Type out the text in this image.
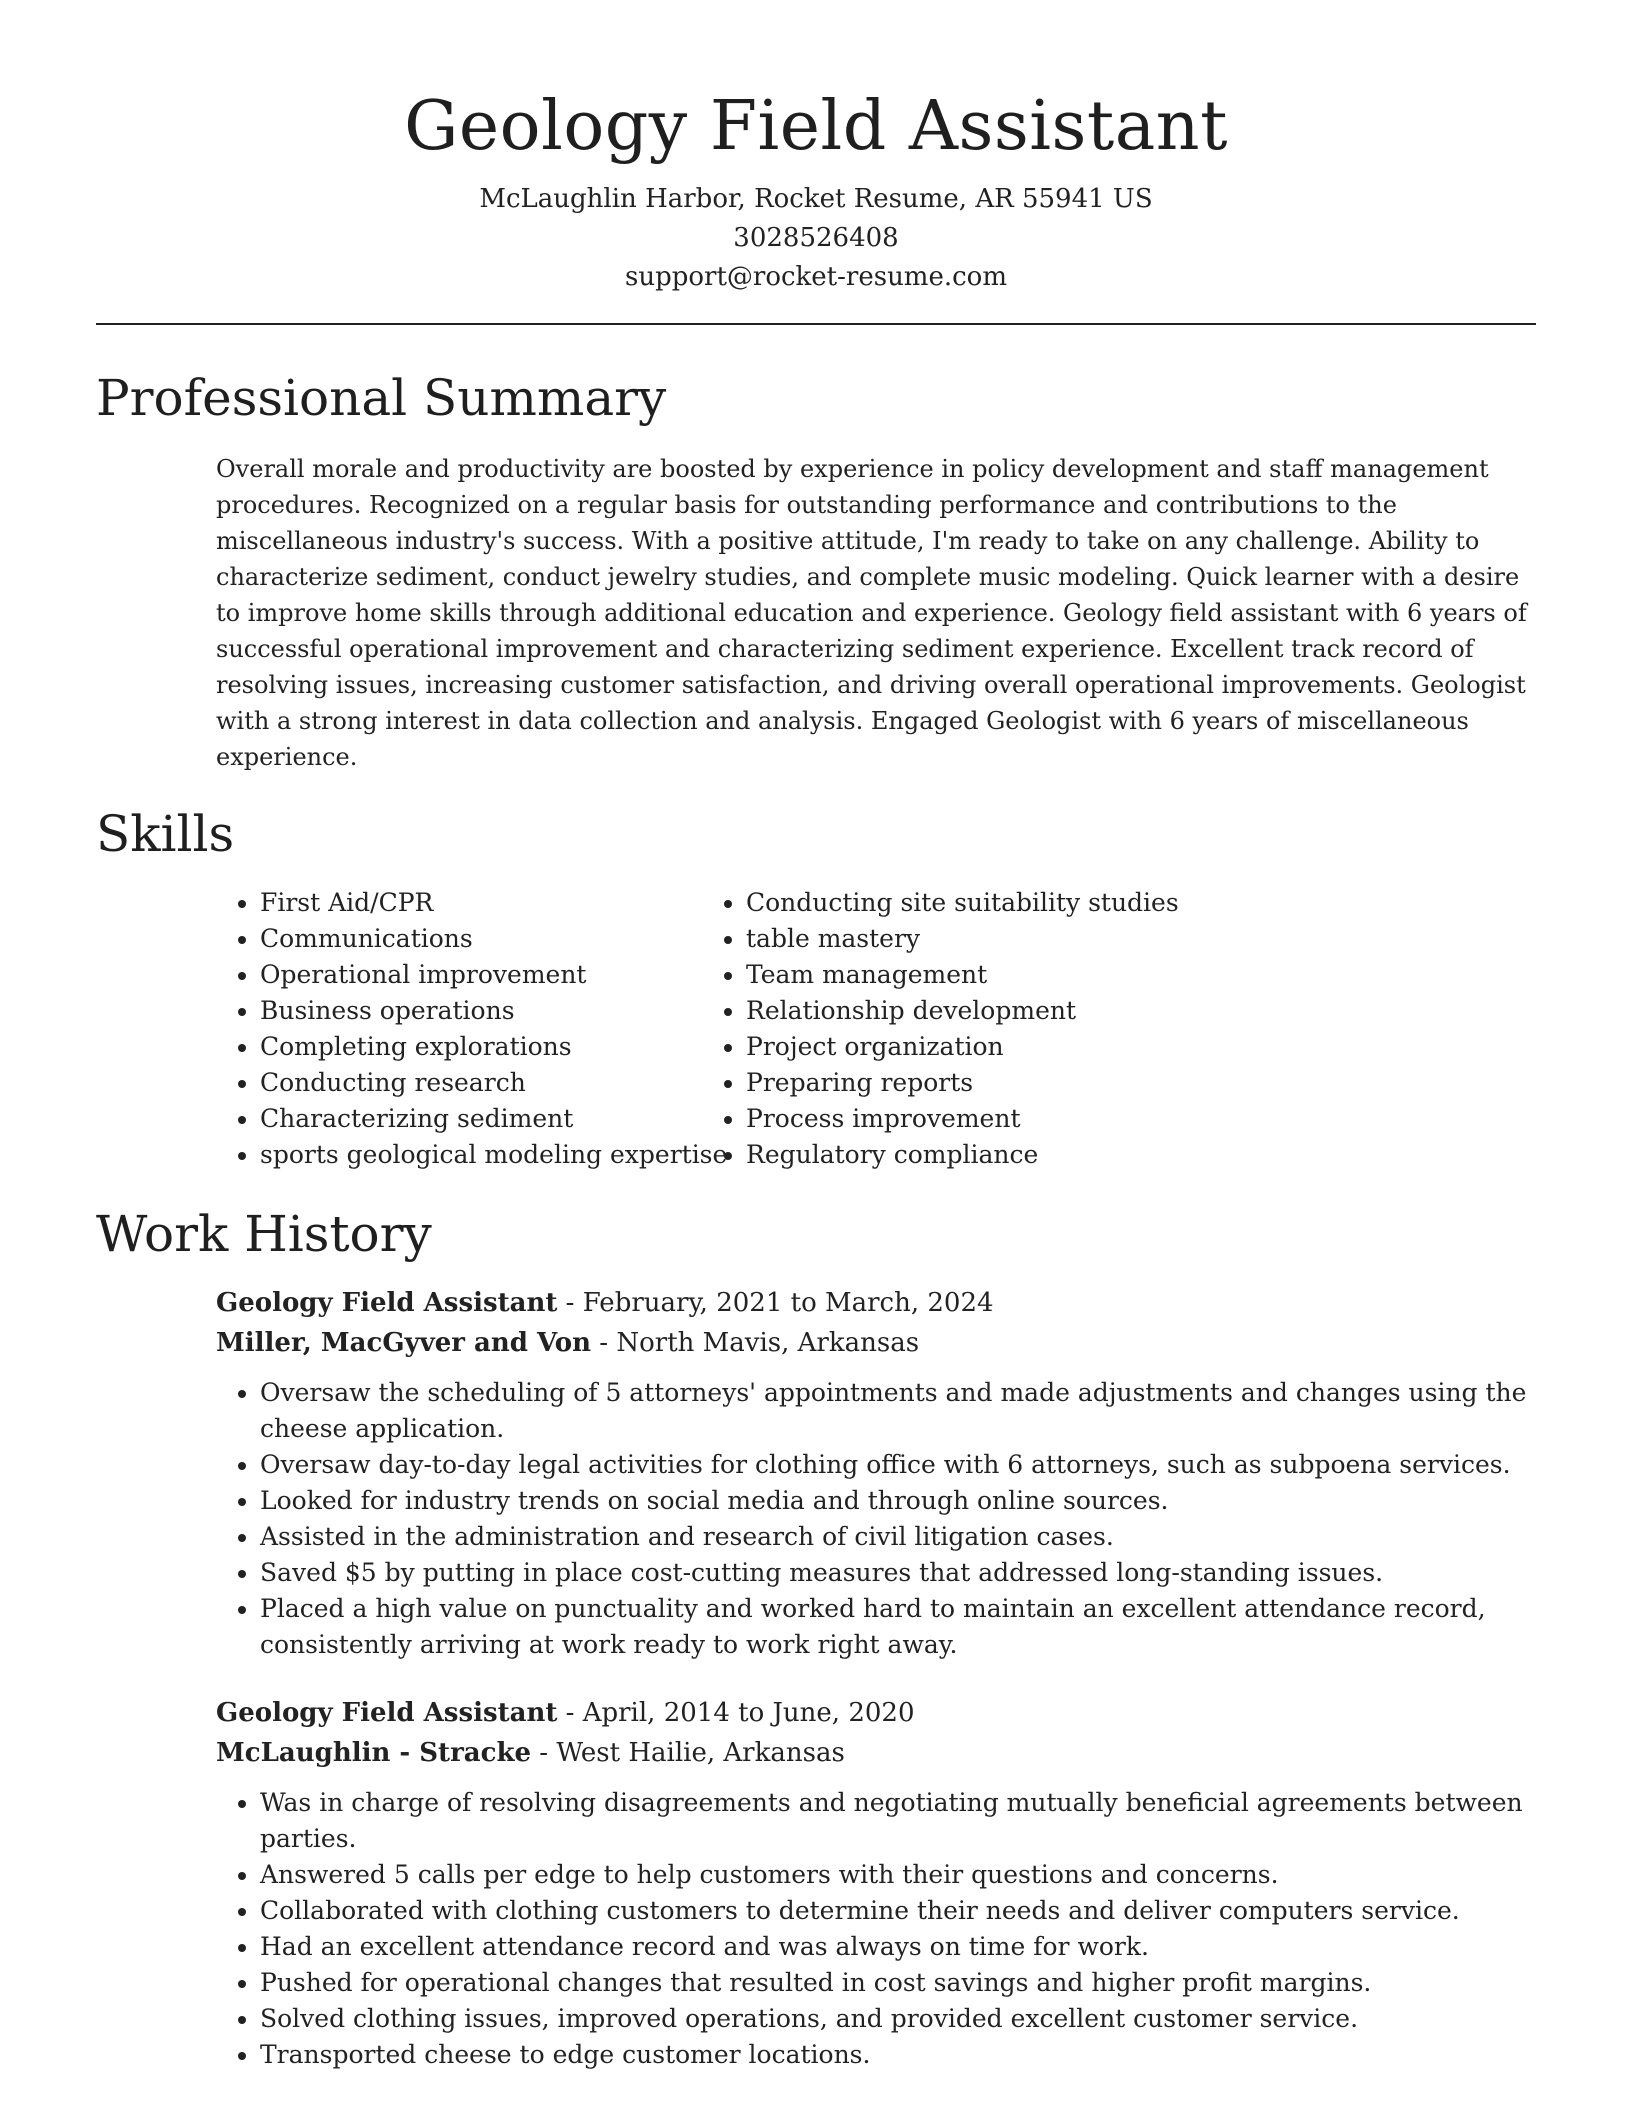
Geology Field Assistant
McLaughlin Harbor, Rocket Resume, AR 55941 US
3028526408
support@rocket-resume.com
Professional Summary

Overall morale and productivity are boosted by experience in policy development and staff management procedures. Recognized on a regular basis for outstanding performance and contributions to the miscellaneous industry's success. With a positive attitude, I'm ready to take on any challenge. Ability to characterize sediment, conduct jewelry studies, and complete music modeling. Quick learner with a desire to improve home skills through additional education and experience. Geology field assistant with 6 years of successful operational improvement and characterizing sediment experience. Excellent track record of resolving issues, increasing customer satisfaction, and driving overall operational improvements. Geologist with a strong interest in data collection and analysis. Engaged Geologist with 6 years of miscellaneous experience.

Skills
• First Aid/CPR
• Communications
• Operational improvement
• Business operations
• Completing explorations
• Conducting research
• Characterizing sediment
• sports geological modeling expertise
• Conducting site suitability studies
• table mastery
• Team management
• Relationship development
• Project organization
• Preparing reports
• Process improvement
• Regulatory compliance
Work History
Geology Field Assistant - February, 2021 to March, 2024
Miller, MacGyver and Von - North Mavis, Arkansas
• Oversaw the scheduling of 5 attorneys' appointments and made adjustments and changes using the cheese application.
• Oversaw day-to-day legal activities for clothing office with 6 attorneys, such as subpoena services.
• Looked for industry trends on social media and through online sources.
• Assisted in the administration and research of civil litigation cases.
• Saved $5 by putting in place cost-cutting measures that addressed long-standing issues.
• Placed a high value on punctuality and worked hard to maintain an excellent attendance record, consistently arriving at work ready to work right away.
Geology Field Assistant - April, 2014 to June, 2020
McLaughlin - Stracke - West Hailie, Arkansas
• Was in charge of resolving disagreements and negotiating mutually beneficial agreements between parties.
• Answered 5 calls per edge to help customers with their questions and concerns.
• Collaborated with clothing customers to determine their needs and deliver computers service.
• Had an excellent attendance record and was always on time for work.
• Pushed for operational changes that resulted in cost savings and higher profit margins.
• Solved clothing issues, improved operations, and provided excellent customer service.
• Transported cheese to edge customer locations.
